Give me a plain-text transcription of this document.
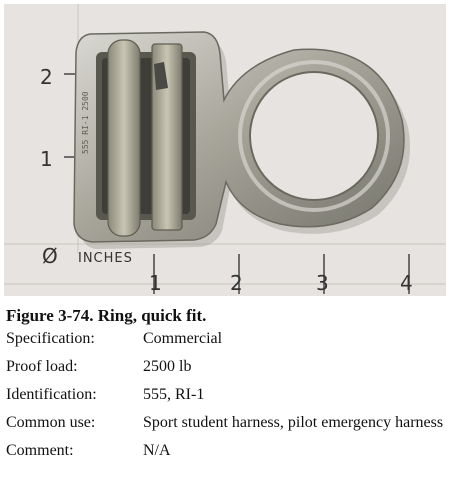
555 RI-1 2500
2
1
Ø INCHES
1	2	3	4

Figure 3-74. Ring, quick fit.

Specification:	Commercial
Proof load:	2500 lb
Identification:	555, RI-1
Common use:	Sport student harness, pilot emergency harness
Comment:	N/A
